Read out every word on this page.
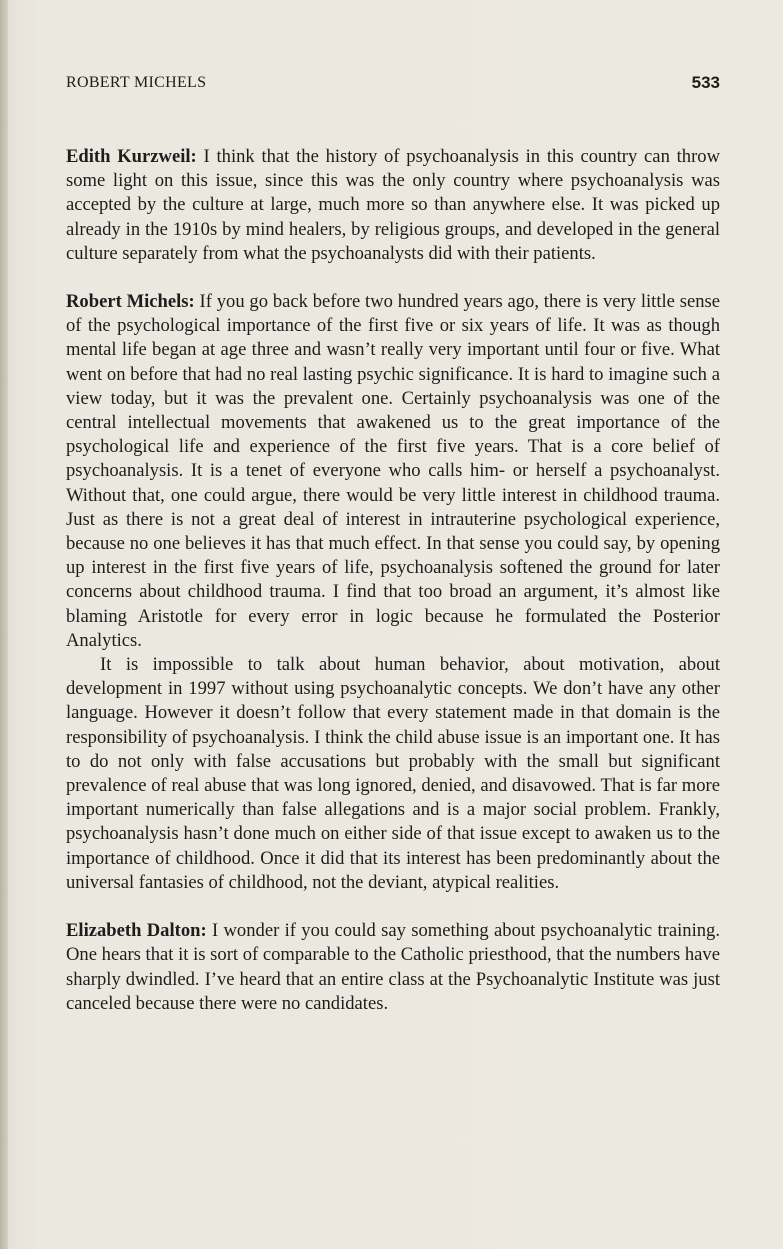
ROBERT MICHELS	533

Edith Kurzweil: I think that the history of psychoanalysis in this country can throw some light on this issue, since this was the only country where psychoanalysis was accepted by the culture at large, much more so than anywhere else. It was picked up already in the 1910s by mind healers, by religious groups, and developed in the general culture separately from what the psychoanalysts did with their patients.

Robert Michels: If you go back before two hundred years ago, there is very little sense of the psychological importance of the first five or six years of life. It was as though mental life began at age three and wasn’t really very important until four or five. What went on before that had no real lasting psychic significance. It is hard to imagine such a view today, but it was the prevalent one. Certainly psychoanalysis was one of the central intellectual movements that awakened us to the great importance of the psychological life and experience of the first five years. That is a core belief of psychoanalysis. It is a tenet of everyone who calls him- or herself a psychoanalyst. Without that, one could argue, there would be very little interest in childhood trauma. Just as there is not a great deal of interest in intrauterine psychological experience, because no one believes it has that much effect. In that sense you could say, by opening up interest in the first five years of life, psychoanalysis softened the ground for later concerns about childhood trauma. I find that too broad an argument, it’s almost like blaming Aristotle for every error in logic because he formulated the Posterior Analytics.

It is impossible to talk about human behavior, about motivation, about development in 1997 without using psychoanalytic concepts. We don’t have any other language. However it doesn’t follow that every statement made in that domain is the responsibility of psychoanalysis. I think the child abuse issue is an important one. It has to do not only with false accusations but probably with the small but significant prevalence of real abuse that was long ignored, denied, and disavowed. That is far more important numerically than false allegations and is a major social problem. Frankly, psychoanalysis hasn’t done much on either side of that issue except to awaken us to the importance of childhood. Once it did that its interest has been predominantly about the universal fantasies of childhood, not the deviant, atypical realities.

Elizabeth Dalton: I wonder if you could say something about psychoanalytic training. One hears that it is sort of comparable to the Catholic priesthood, that the numbers have sharply dwindled. I’ve heard that an entire class at the Psychoanalytic Institute was just canceled because there were no candidates.
